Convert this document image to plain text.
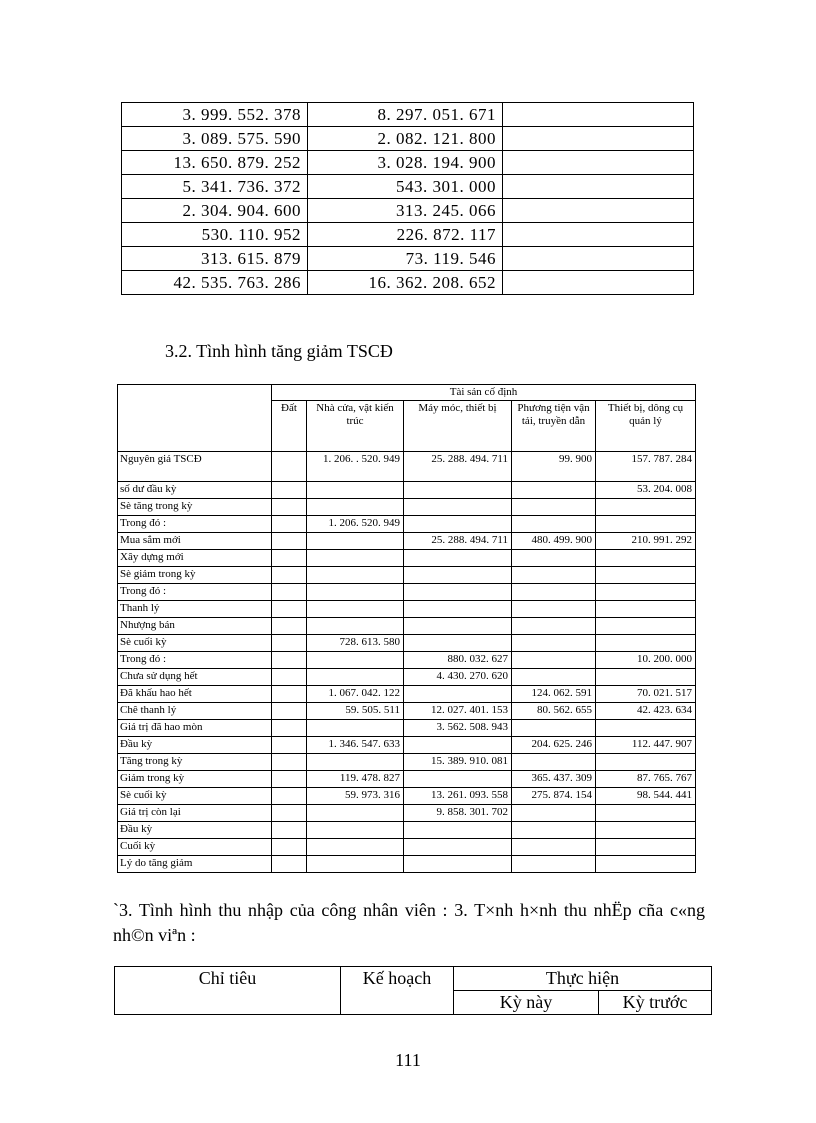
3. 999. 552. 378	8. 297. 051. 671	
3. 089. 575. 590	2. 082. 121. 800	
13. 650. 879. 252	3. 028. 194. 900	
5. 341. 736. 372	543. 301. 000	
2. 304. 904. 600	313. 245. 066	
530. 110. 952	226. 872. 117	
313. 615. 879	73. 119. 546	
42. 535. 763. 286	16. 362. 208. 652	
3.2. Tình hình tăng giảm TSCĐ
	Tài sản cố định				
	Đất	Nhà cửa, vật kiến trúc	Máy móc, thiết bị	Phương tiện vận tải, truyền dẫn	Thiết bị, dông cụ quản lý
Nguyên giá TSCĐ		1. 206. . 520. 949	25. 288. 494. 711	99. 900	157. 787. 284
số dư đầu kỳ					53. 204. 008
Sè tăng trong kỳ					
Trong đó :		1. 206. 520. 949			
Mua sắm mới			25. 288. 494. 711	480. 499. 900	210. 991. 292
Xây dựng mới					
Sè giảm trong kỳ					
Trong đó :					
Thanh lý					
Nhượng bán					
Sè cuối kỳ		728. 613. 580			
Trong đó :			880. 032. 627		10. 200. 000
Chưa sử dụng hết			4. 430. 270. 620		
Đã khấu hao hết		1. 067. 042. 122		124. 062. 591	70. 021. 517
Chê thanh lý		59. 505. 511	12. 027. 401. 153	80. 562. 655	42. 423. 634
Giá trị đã hao mòn			3. 562. 508. 943		
Đầu kỳ		1. 346. 547. 633		204. 625. 246	112. 447. 907
Tăng trong kỳ			15. 389. 910. 081		
Giảm trong kỳ		119. 478. 827		365. 437. 309	87. 765. 767
Sè cuối kỳ		59. 973. 316	13. 261. 093. 558	275. 874. 154	98. 544. 441
Giá trị còn lại			9. 858. 301. 702		
Đầu kỳ					
Cuối kỳ					
Lý do tăng giảm					
`3. Tình hình thu nhập của công nhân viên : 3. T×nh h×nh thu nhËp cña c«ng nh©n viªn :
Chỉ tiêu	Kế hoạch	Thực hiện	
		Kỳ này	Kỳ trước
111
